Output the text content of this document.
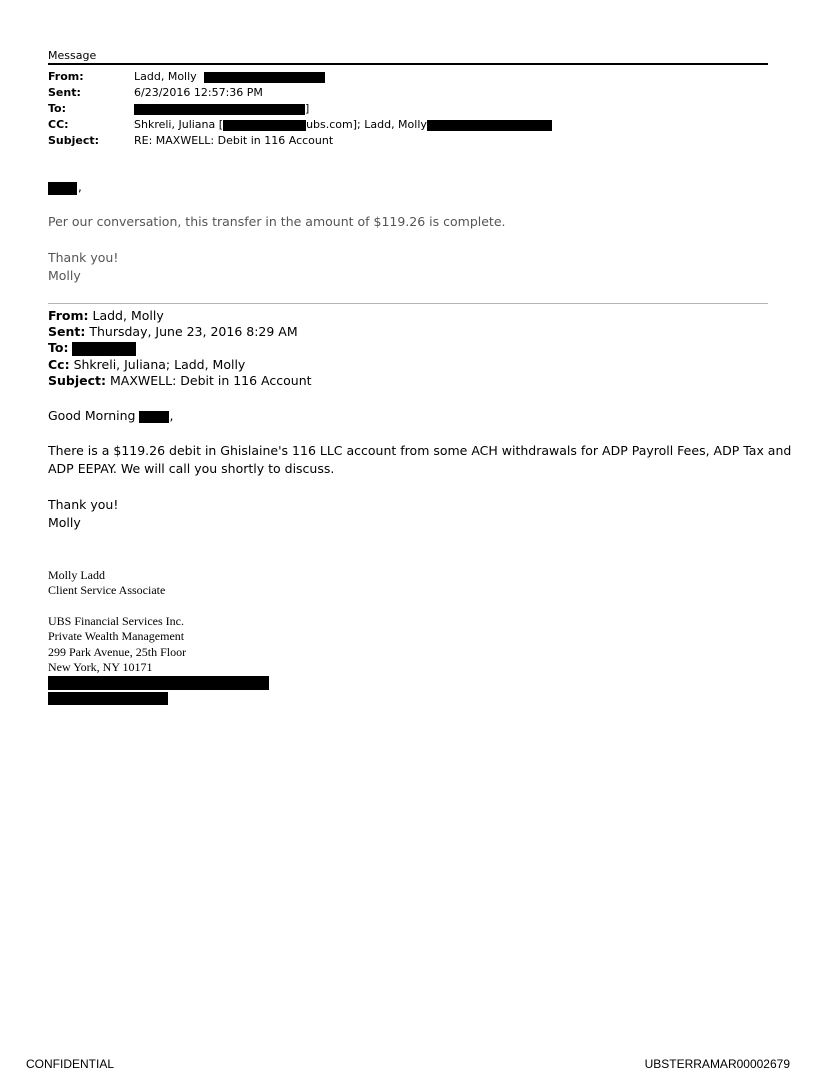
Message
From:	Ladd, Molly
Sent:	6/23/2016 12:57:36 PM
To:	]
CC:	Shkreli, Juliana [	ubs.com]; Ladd, Molly
Subject:	RE: MAXWELL: Debit in 116 Account
,
Per our conversation, this transfer in the amount of $119.26 is complete.
Thank you!
Molly
From: Ladd, Molly
Sent: Thursday, June 23, 2016 8:29 AM
To:
Cc: Shkreli, Juliana; Ladd, Molly
Subject: MAXWELL: Debit in 116 Account
Good Morning	,
There is a $119.26 debit in Ghislaine's 116 LLC account from some ACH withdrawals for ADP Payroll Fees, ADP Tax and
ADP EEPAY. We will call you shortly to discuss.
Thank you!
Molly
Molly Ladd
Client Service Associate
UBS Financial Services Inc.
Private Wealth Management
299 Park Avenue, 25th Floor
New York, NY 10171
CONFIDENTIAL	UBSTERRAMAR00002679
